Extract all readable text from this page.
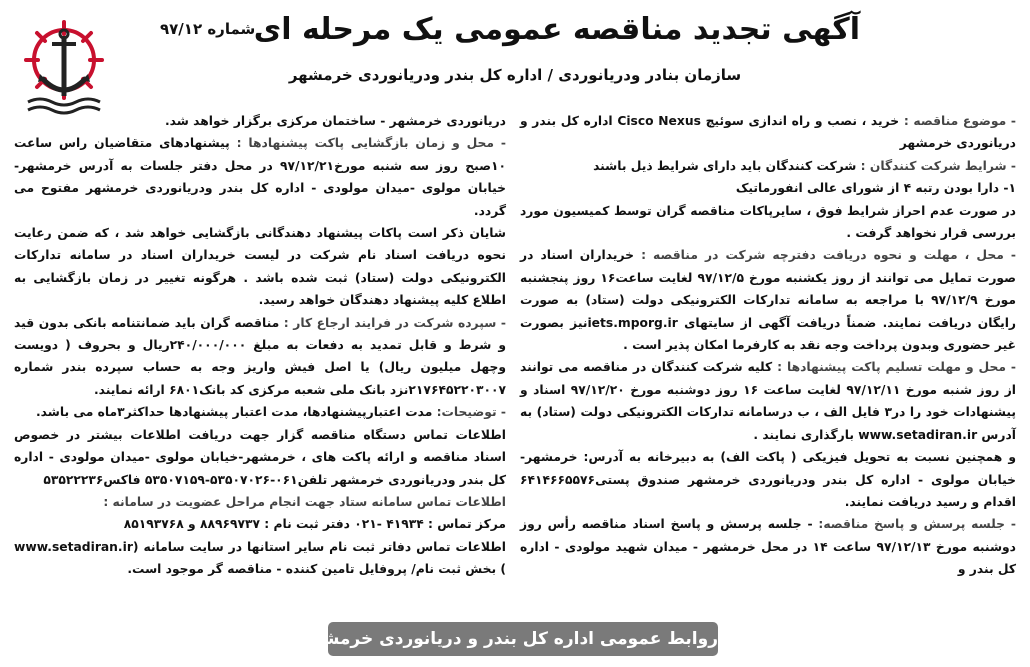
شماره ۹۷/۱۲
آگهی تجدید مناقصه عمومی یک مرحله ای
سازمان بنادر ودریانوردی / اداره کل بندر ودریانوردی خرمشهر

- موضوع مناقصه : خرید ، نصب و راه اندازی سوئیچ Cisco Nexus اداره کل بندر و دریانوردی خرمشهر

- شرایط شرکت کنندگان : شرکت کنندگان باید دارای شرایط ذیل باشند

۱- دارا بودن رتبه ۴ از شورای عالی انفورماتیک

در صورت عدم احراز شرایط فوق ، سایرپاکات مناقصه گران توسط کمیسیون مورد بررسی قرار نخواهد گرفت .

- محل ، مهلت و نحوه دریافت دفترچه شرکت در مناقصه : خریداران اسناد در صورت تمایل می توانند از روز یکشنبه مورخ ۹۷/۱۲/۵ لغایت ساعت۱۶ روز پنجشنبه مورخ ۹۷/۱۲/۹ با مراجعه به سامانه تدارکات الکترونیکی دولت (ستاد) به صورت رایگان دریافت نمایند. ضمناً دریافت آگهی از سایتهای iets.mporg.irنیز بصورت غیر حضوری وبدون پرداخت وجه نقد به کارفرما امکان پذیر است .

- محل و مهلت تسلیم پاکت پیشنهادها : کلیه شرکت کنندگان در مناقصه می توانند از روز شنبه مورخ ۹۷/۱۲/۱۱ لغایت ساعت ۱۶ روز دوشنبه مورخ ۹۷/۱۲/۲۰ اسناد و پیشنهادات خود را در۳ فایل الف ، ب درسامانه تدارکات الکترونیکی دولت (ستاد) به آدرس www.setadiran.ir بارگذاری نمایند .

و همچنین نسبت به تحویل فیزیکی ( پاکت الف) به دبیرخانه به آدرس: خرمشهر- خیابان مولوی - اداره کل بندر ودریانوردی خرمشهر صندوق پستی۶۴۱۴۶۶۵۵۷۶ اقدام و رسید دریافت نمایند.

- جلسه پرسش و پاسخ مناقصه: - جلسه پرسش و پاسخ اسناد مناقصه رأس روز دوشنبه مورخ ۹۷/۱۲/۱۳ ساعت ۱۴ در محل خرمشهر - میدان شهید مولودی - اداره کل بندر و

دریانوردی خرمشهر - ساختمان مرکزی برگزار خواهد شد.

- محل و زمان بازگشایی پاکت پیشنهادها : پیشنهادهای متقاضیان راس ساعت ۱۰صبح روز سه شنبه مورخ۹۷/۱۲/۲۱ در محل دفتر جلسات به آدرس خرمشهر-خیابان مولوی -میدان مولودی - اداره کل بندر ودریانوردی خرمشهر مفتوح می گردد.

شایان ذکر است پاکات پیشنهاد دهندگانی بازگشایی خواهد شد ، که ضمن رعایت نحوه دریافت اسناد نام شرکت در لیست خریداران اسناد در سامانه تدارکات الکترونیکی دولت (ستاد) ثبت شده باشد . هرگونه تغییر در زمان بازگشایی به اطلاع کلیه پیشنهاد دهندگان خواهد رسید.

- سپرده شرکت در فرایند ارجاع کار : مناقصه گران باید ضمانتنامه بانکی بدون قید و شرط و قابل تمدید به دفعات به مبلغ ۲۴۰/۰۰۰/۰۰۰ریال و بحروف ( دویست وچهل میلیون ریال) یا اصل فیش واریز وجه به حساب سپرده بندر شماره ۲۱۷۶۴۵۲۲۰۳۰۰۷نزد بانک ملی شعبه مرکزی کد بانک۶۸۰۱ ارائه نمایند.

- توضیحات: مدت اعتبارپیشنهادها، مدت اعتبار پیشنهادها حداکثر۳ماه می باشد.

اطلاعات تماس دستگاه مناقصه گزار جهت دریافت اطلاعات بیشتر در خصوص اسناد مناقصه و ارائه پاکت های ، خرمشهر-خیابان مولوی -میدان مولودی - اداره کل بندر ودریانوردی خرمشهر تلفن۰۶۱-۵۳۵۰۷۰۲۶-۵۳۵۰۷۱۵۹ فاکس۵۳۵۲۲۲۳۶

اطلاعات تماس سامانه ستاد جهت انجام مراحل عضویت در سامانه :

مرکز تماس : ۴۱۹۳۴ -۰۲۱ دفتر ثبت نام : ۸۸۹۶۹۷۳۷ و ۸۵۱۹۳۷۶۸

اطلاعات تماس دفاتر ثبت نام سایر استانها در سایت سامانه (www.setadiran.ir ) بخش ثبت نام/ پروفایل تامین کننده - مناقصه گر موجود است.

روابط عمومی اداره کل بندر و دریانوردی خرمشهر
